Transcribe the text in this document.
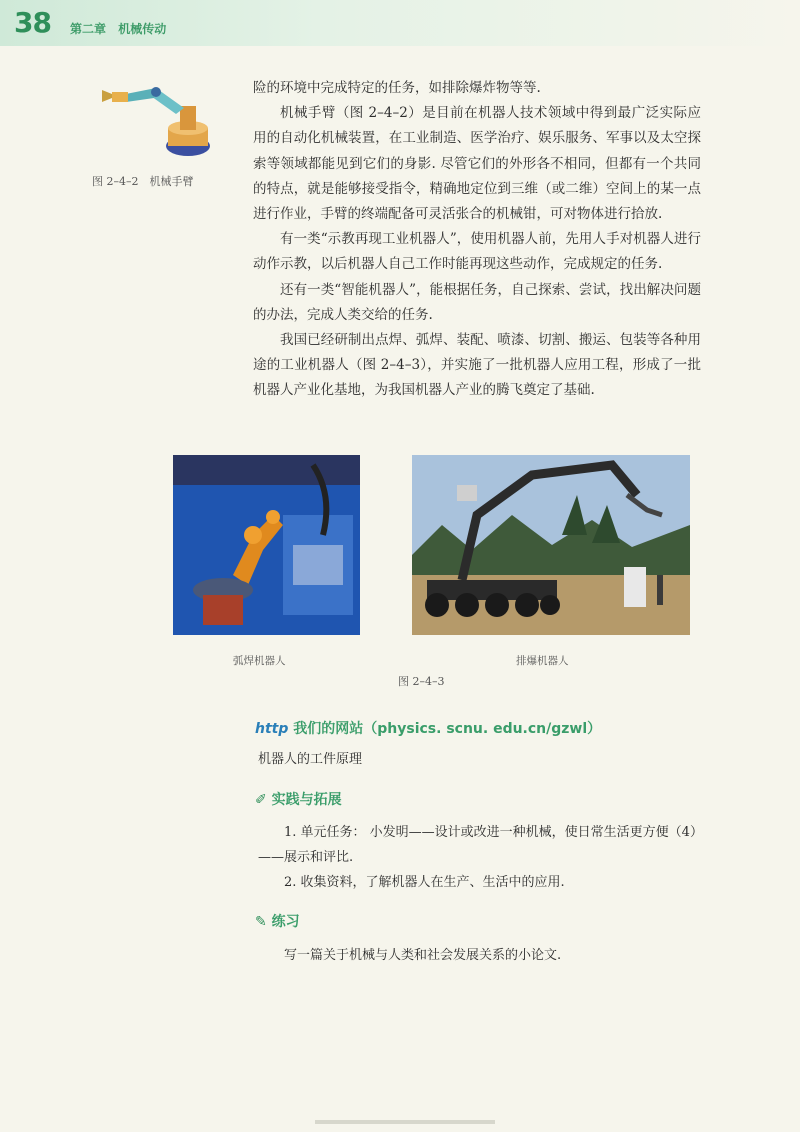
38 第二章 机械传动
图 2–4–2　机械手臂

险的环境中完成特定的任务，如排除爆炸物等等.

机械手臂（图 2–4–2）是目前在机器人技术领域中得到最广泛实际应用的自动化机械装置，在工业制造、医学治疗、娱乐服务、军事以及太空探索等领域都能见到它们的身影. 尽管它们的外形各不相同，但都有一个共同的特点，就是能够接受指令，精确地定位到三维（或二维）空间上的某一点进行作业，手臂的终端配备可灵活张合的机械钳，可对物体进行拾放.

有一类“示教再现工业机器人”，使用机器人前，先用人手对机器人进行动作示教，以后机器人自己工作时能再现这些动作，完成规定的任务.

还有一类“智能机器人”，能根据任务，自己探索、尝试，找出解决问题的办法，完成人类交给的任务.

我国已经研制出点焊、弧焊、装配、喷漆、切割、搬运、包装等各种用途的工业机器人（图 2–4–3），并实施了一批机器人应用工程，形成了一批机器人产业化基地，为我国机器人产业的腾飞奠定了基础.

弧焊机器人	排爆机器人
图 2–4–3
http 我们的网站（physics. scnu. edu.cn/gzwl）

机器人的工件原理

✐ 实践与拓展

1. 单元任务： 小发明——设计或改进一种机械，使日常生活更方便（4）——展示和评比.

2. 收集资料，了解机器人在生产、生活中的应用.

✎ 练习

写一篇关于机械与人类和社会发展关系的小论文.
